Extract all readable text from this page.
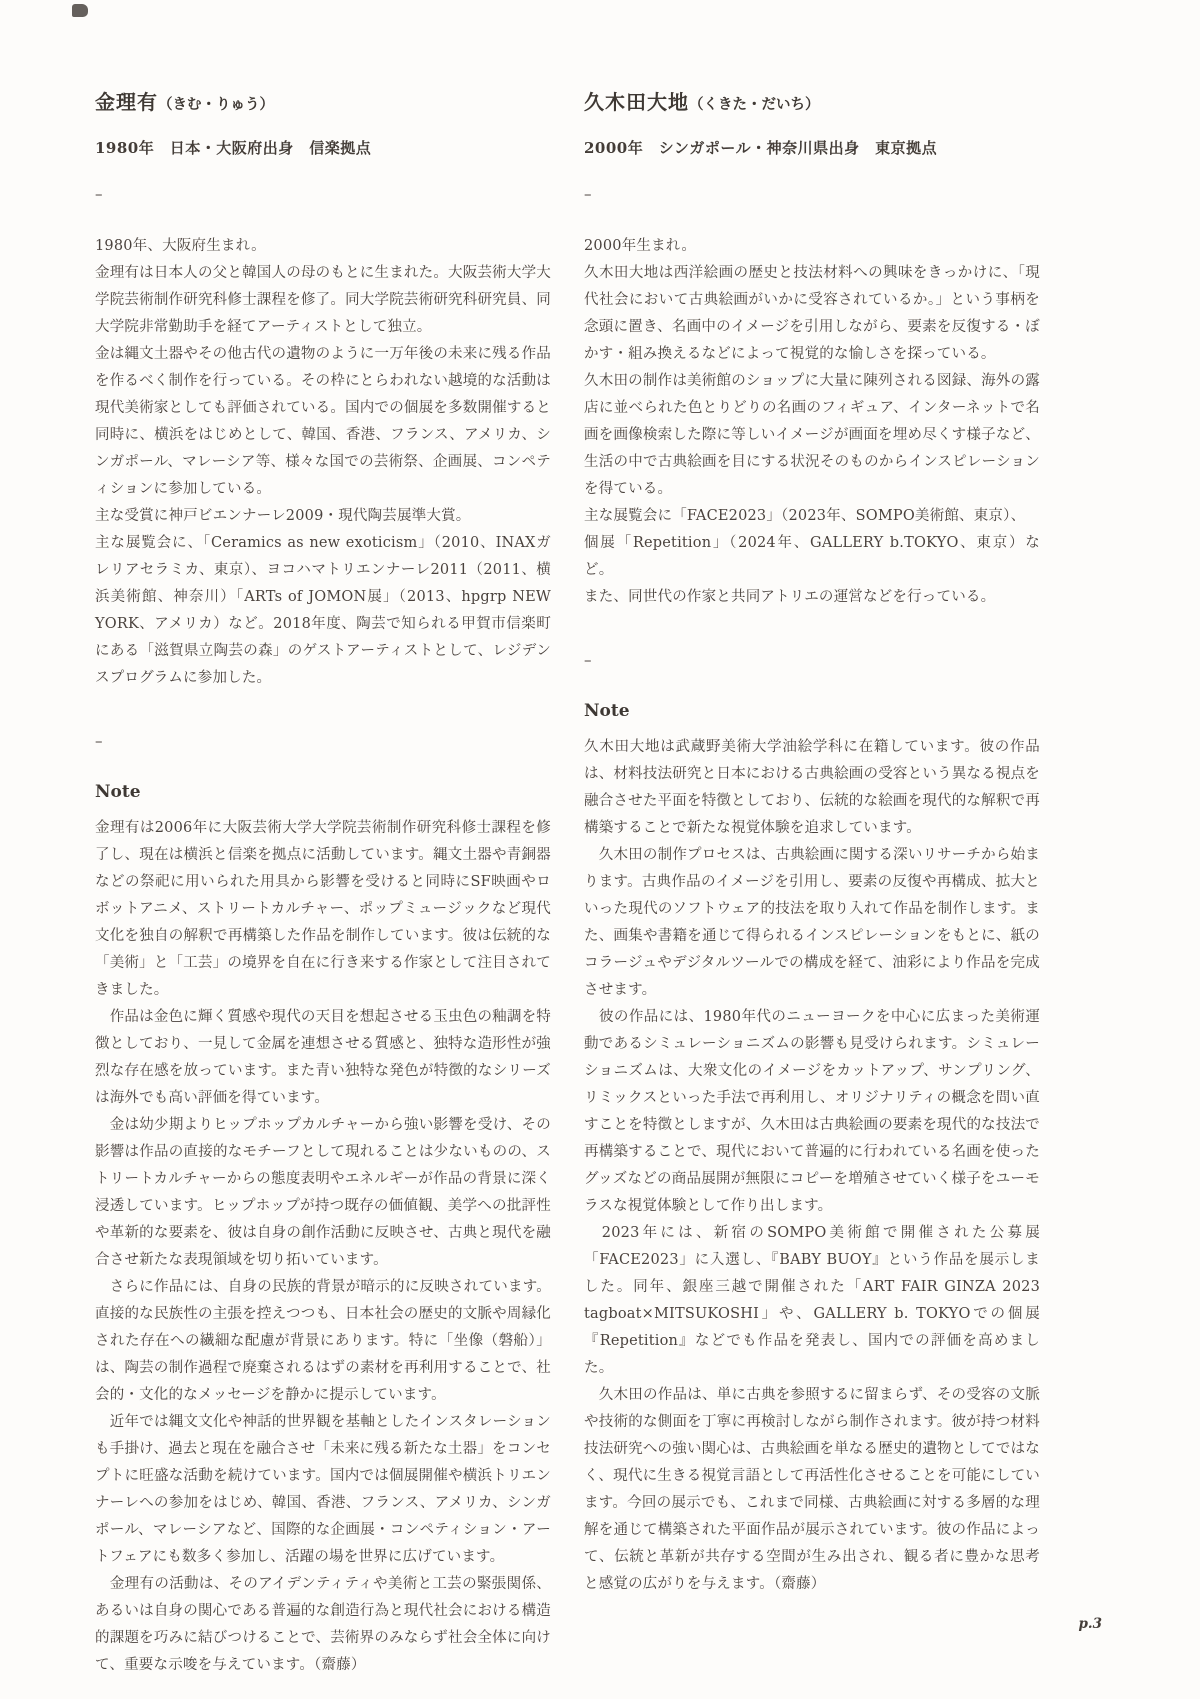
金理有（きむ・りゅう）

1980年　日本・大阪府出身　信楽拠点

–

1980年、大阪府生まれ。

金理有は日本人の父と韓国人の母のもとに生まれた。大阪芸術大学大学院芸術制作研究科修士課程を修了。同大学院芸術研究科研究員、同大学院非常勤助手を経てアーティストとして独立。

金は縄文土器やその他古代の遺物のように一万年後の未来に残る作品を作るべく制作を行っている。その枠にとらわれない越境的な活動は現代美術家としても評価されている。国内での個展を多数開催すると同時に、横浜をはじめとして、韓国、香港、フランス、アメリカ、シンガポール、マレーシア等、様々な国での芸術祭、企画展、コンペティションに参加している。

主な受賞に神戸ビエンナーレ2009・現代陶芸展準大賞。

主な展覧会に、「Ceramics as new exoticism」（2010、INAXガレリアセラミカ、東京）、ヨコハマトリエンナーレ2011（2011、横浜美術館、神奈川）「ARTs of JOMON展」（2013、hpgrp NEW YORK、アメリカ）など。2018年度、陶芸で知られる甲賀市信楽町にある「滋賀県立陶芸の森」のゲストアーティストとして、レジデンスプログラムに参加した。

–

Note

金理有は2006年に大阪芸術大学大学院芸術制作研究科修士課程を修了し、現在は横浜と信楽を拠点に活動しています。縄文土器や青銅器などの祭祀に用いられた用具から影響を受けると同時にSF映画やロボットアニメ、ストリートカルチャー、ポップミュージックなど現代文化を独自の解釈で再構築した作品を制作しています。彼は伝統的な「美術」と「工芸」の境界を自在に行き来する作家として注目されてきました。

　作品は金色に輝く質感や現代の天目を想起させる玉虫色の釉調を特徴としており、一見して金属を連想させる質感と、独特な造形性が強烈な存在感を放っています。また青い独特な発色が特徴的なシリーズは海外でも高い評価を得ています。

　金は幼少期よりヒップホップカルチャーから強い影響を受け、その影響は作品の直接的なモチーフとして現れることは少ないものの、ストリートカルチャーからの態度表明やエネルギーが作品の背景に深く浸透しています。ヒップホップが持つ既存の価値観、美学への批評性や革新的な要素を、彼は自身の創作活動に反映させ、古典と現代を融合させ新たな表現領域を切り拓いています。

　さらに作品には、自身の民族的背景が暗示的に反映されています。直接的な民族性の主張を控えつつも、日本社会の歴史的文脈や周縁化された存在への繊細な配慮が背景にあります。特に「坐像（磐船）」は、陶芸の制作過程で廃棄されるはずの素材を再利用することで、社会的・文化的なメッセージを静かに提示しています。

　近年では縄文文化や神話的世界観を基軸としたインスタレーションも手掛け、過去と現在を融合させ「未来に残る新たな土器」をコンセプトに旺盛な活動を続けています。国内では個展開催や横浜トリエンナーレへの参加をはじめ、韓国、香港、フランス、アメリカ、シンガポール、マレーシアなど、国際的な企画展・コンペティション・アートフェアにも数多く参加し、活躍の場を世界に広げています。

　金理有の活動は、そのアイデンティティや美術と工芸の緊張関係、あるいは自身の関心である普遍的な創造行為と現代社会における構造的課題を巧みに結びつけることで、芸術界のみならず社会全体に向けて、重要な示唆を与えています。（齋藤）

久木田大地（くきた・だいち）

2000年　シンガポール・神奈川県出身　東京拠点

–

2000年生まれ。

久木田大地は西洋絵画の歴史と技法材料への興味をきっかけに、「現代社会において古典絵画がいかに受容されているか。」という事柄を念頭に置き、名画中のイメージを引用しながら、要素を反復する・ぼかす・組み換えるなどによって視覚的な愉しさを探っている。

久木田の制作は美術館のショップに大量に陳列される図録、海外の露店に並べられた色とりどりの名画のフィギュア、インターネットで名画を画像検索した際に等しいイメージが画面を埋め尽くす様子など、生活の中で古典絵画を目にする状況そのものからインスピレーションを得ている。

主な展覧会に「FACE2023」（2023年、SOMPO美術館、東京）、

個展「Repetition」（2024年、GALLERY b.TOKYO、東京）など。

また、同世代の作家と共同アトリエの運営などを行っている。

–

Note

久木田大地は武蔵野美術大学油絵学科に在籍しています。彼の作品は、材料技法研究と日本における古典絵画の受容という異なる視点を融合させた平面を特徴としており、伝統的な絵画を現代的な解釈で再構築することで新たな視覚体験を追求しています。

　久木田の制作プロセスは、古典絵画に関する深いリサーチから始まります。古典作品のイメージを引用し、要素の反復や再構成、拡大といった現代のソフトウェア的技法を取り入れて作品を制作します。また、画集や書籍を通じて得られるインスピレーションをもとに、紙のコラージュやデジタルツールでの構成を経て、油彩により作品を完成させます。

　彼の作品には、1980年代のニューヨークを中心に広まった美術運動であるシミュレーショニズムの影響も見受けられます。シミュレーショニズムは、大衆文化のイメージをカットアップ、サンプリング、リミックスといった手法で再利用し、オリジナリティの概念を問い直すことを特徴としますが、久木田は古典絵画の要素を現代的な技法で再構築することで、現代において普遍的に行われている名画を使ったグッズなどの商品展開が無限にコピーを増殖させていく様子をユーモラスな視覚体験として作り出します。

　2023年には、新宿のSOMPO美術館で開催された公募展「FACE2023」に入選し、『BABY BUOY』という作品を展示しました。同年、銀座三越で開催された「ART FAIR GINZA 2023 tagboat×MITSUKOSHI」や、GALLERY b. TOKYOでの個展『Repetition』などでも作品を発表し、国内での評価を高めました。

　久木田の作品は、単に古典を参照するに留まらず、その受容の文脈や技術的な側面を丁寧に再検討しながら制作されます。彼が持つ材料技法研究への強い関心は、古典絵画を単なる歴史的遺物としてではなく、現代に生きる視覚言語として再活性化させることを可能にしています。今回の展示でも、これまで同様、古典絵画に対する多層的な理解を通じて構築された平面作品が展示されています。彼の作品によって、伝統と革新が共存する空間が生み出され、観る者に豊かな思考と感覚の広がりを与えます。（齋藤）

p.3
